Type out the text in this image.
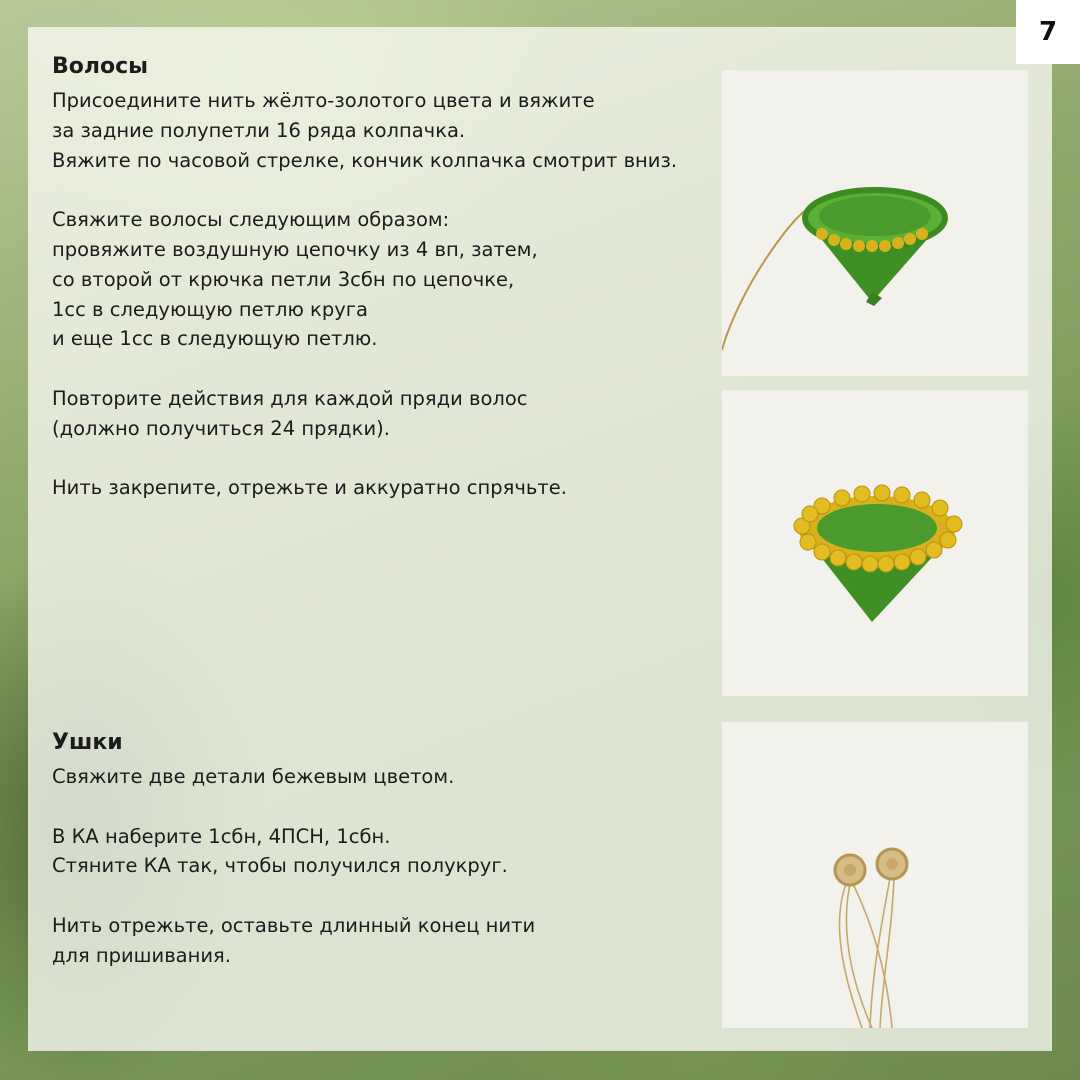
7
Волосы

Присоедините нить жёлто-золотого цвета и вяжите

за задние полупетли 16 ряда колпачка.

Вяжите по часовой стрелке, кончик колпачка смотрит вниз.

Свяжите волосы следующим образом:

провяжите воздушную цепочку из 4 вп, затем,

со второй от крючка петли 3сбн по цепочке,

1сс в следующую петлю круга

и еще 1сс в следующую петлю.

Повторите действия для каждой пряди волос

(должно получиться 24 прядки).

Нить закрепите, отрежьте и аккуратно спрячьте.

Ушки

Свяжите две детали бежевым цветом.

В КА наберите 1сбн, 4ПСН, 1сбн.

Стяните КА так, чтобы получился полукруг.

Нить отрежьте, оставьте длинный конец нити

для пришивания.
